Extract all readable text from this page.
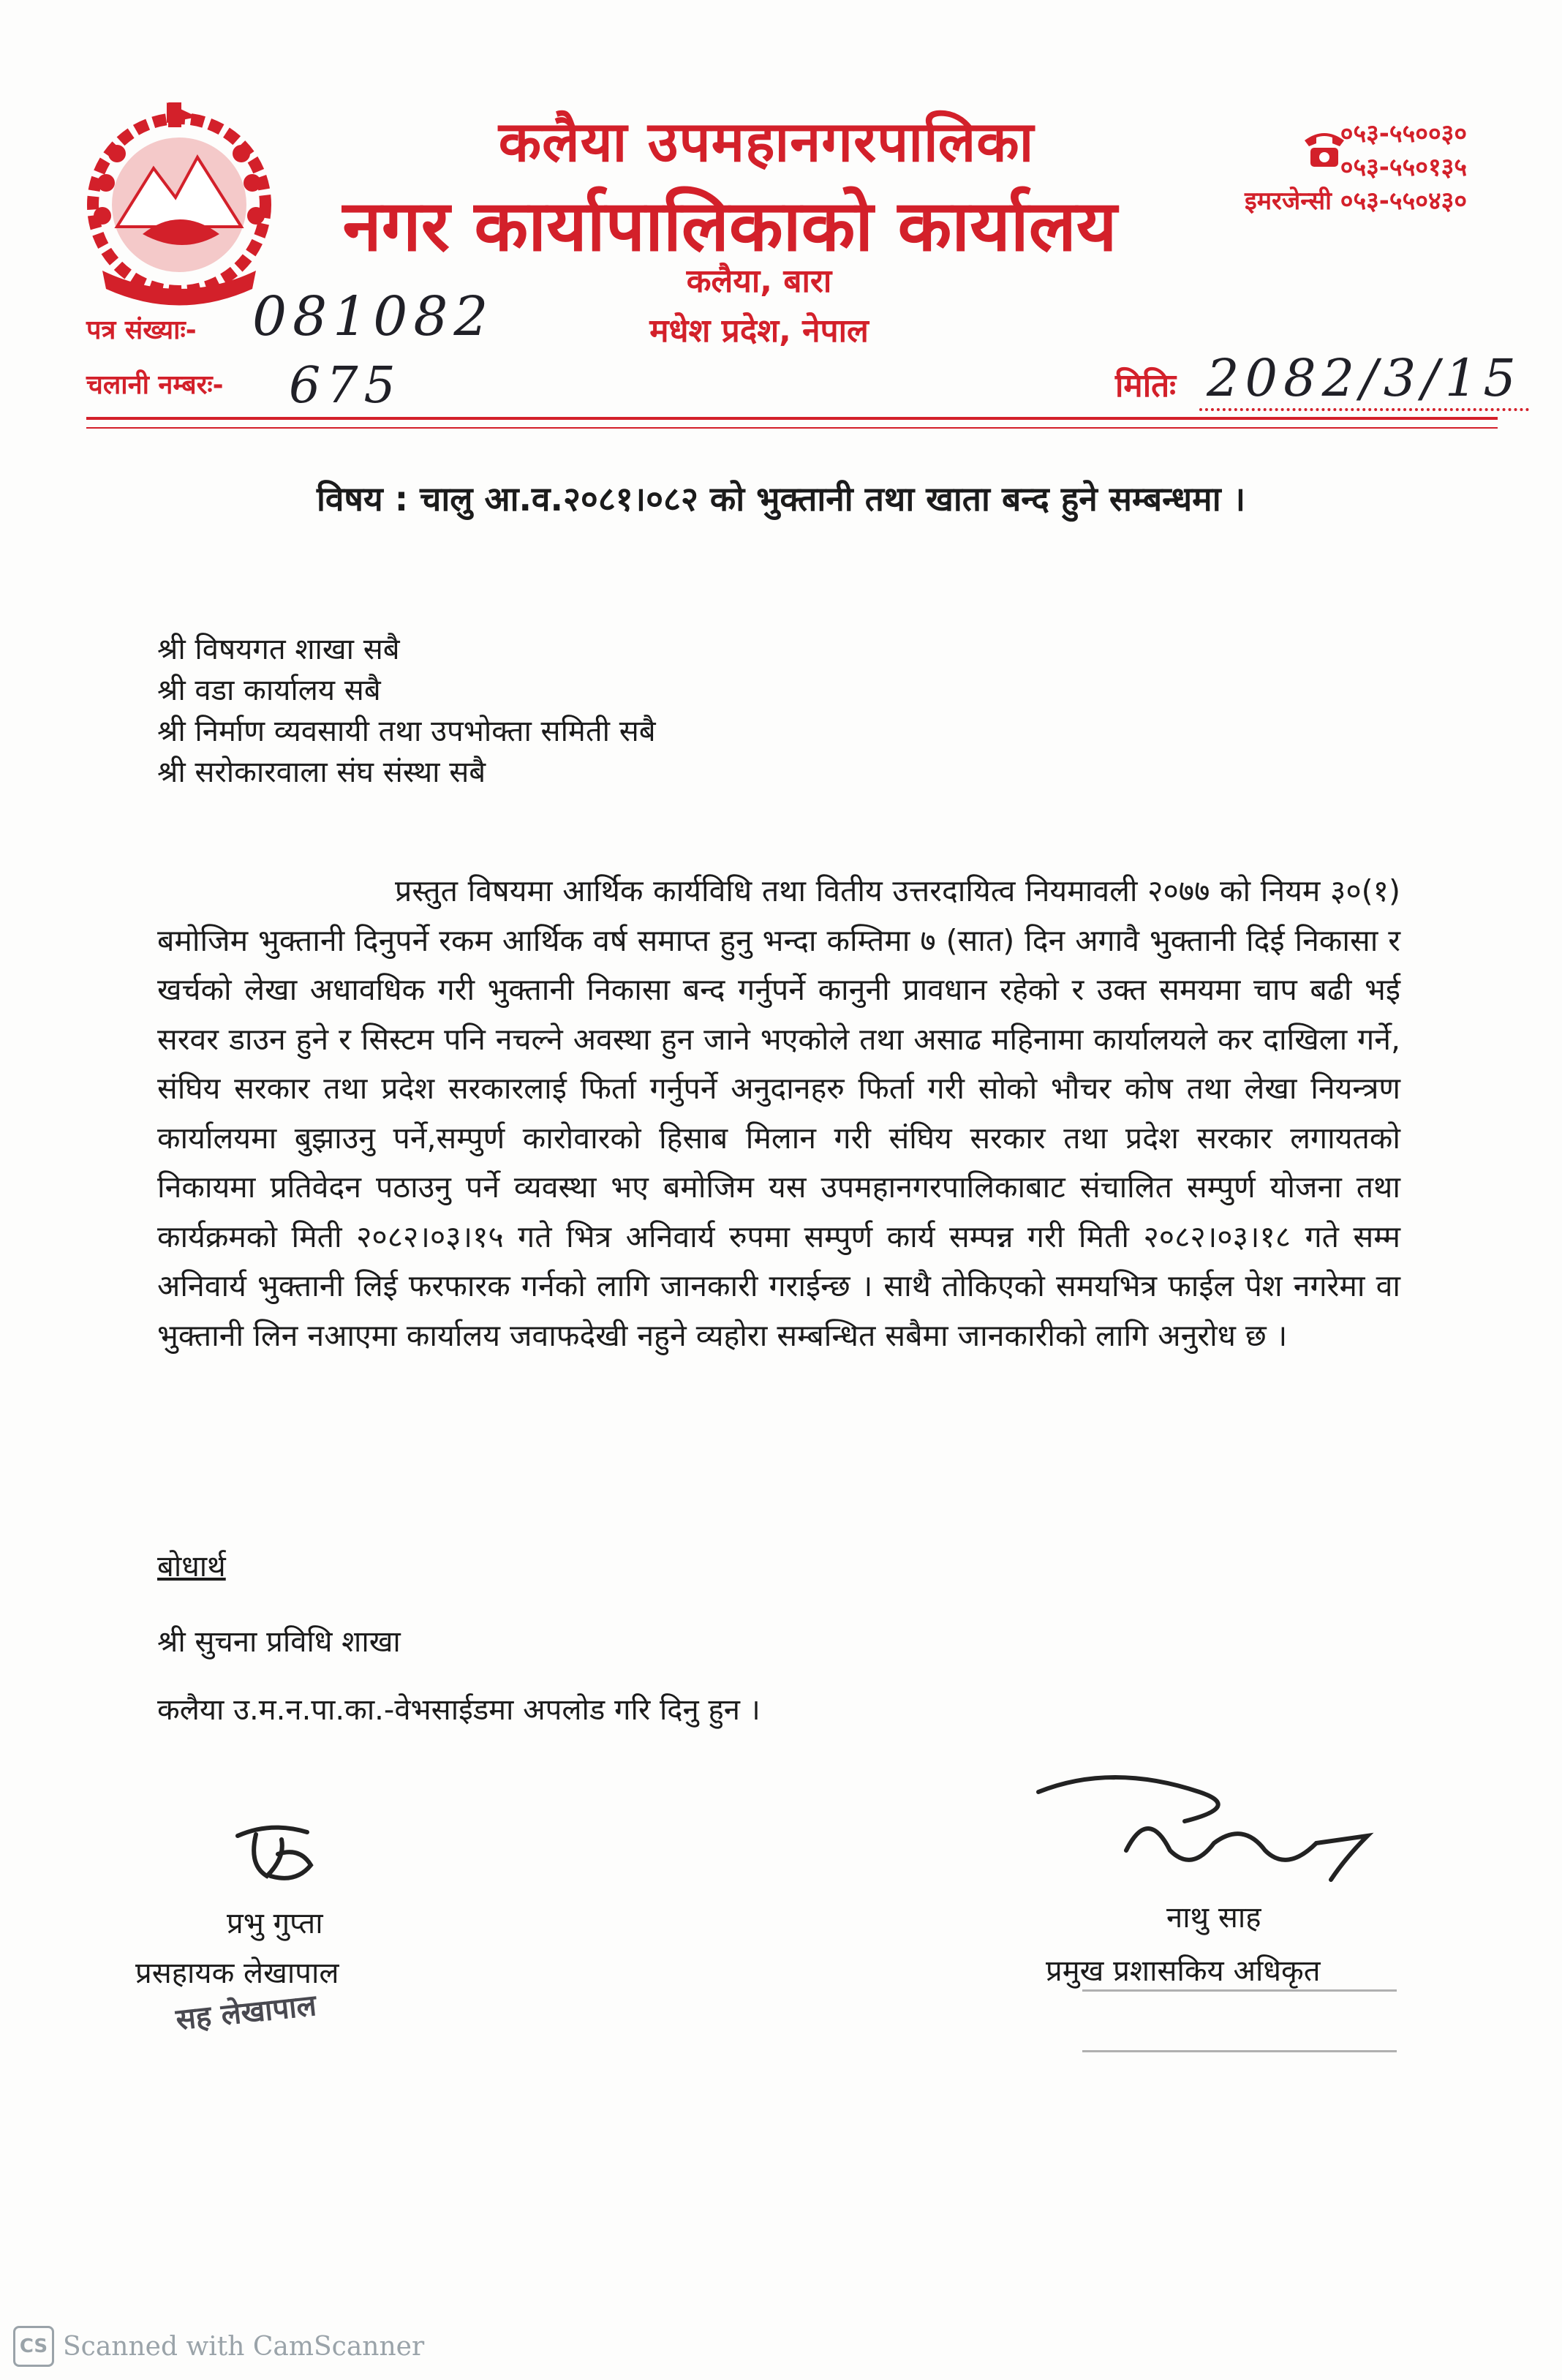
कलैया उपमहानगरपालिका
नगर कार्यापालिकाको कार्यालय
कलैया, बारा
मधेश प्रदेश, नेपाल
०५३-५५००३०
०५३-५५०१३५
इमरजेन्सी ०५३-५५०४३०
पत्र संख्याः- 081082
चलानी नम्बरः- 675	मितिः 2082/3/15
विषय : चालु आ.व.२०८१।०८२ को भुक्तानी तथा खाता बन्द हुने सम्बन्धमा ।
श्री विषयगत शाखा सबै
श्री वडा कार्यालय सबै
श्री निर्माण व्यवसायी तथा उपभोक्ता समिती सबै
श्री सरोकारवाला संघ संस्था सबै
प्रस्तुत विषयमा आर्थिक कार्यविधि तथा वितीय उत्तरदायित्व नियमावली २०७७ को नियम ३०(१) बमोजिम भुक्तानी दिनुपर्ने रकम आर्थिक वर्ष समाप्त हुनु भन्दा कम्तिमा ७ (सात) दिन अगावै भुक्तानी दिई निकासा र खर्चको लेखा अधावधिक गरी भुक्तानी निकासा बन्द गर्नुपर्ने कानुनी प्रावधान रहेको र उक्त समयमा चाप बढी भई सरवर डाउन हुने र सिस्टम पनि नचल्ने अवस्था हुन जाने भएकोले तथा असाढ महिनामा कार्यालयले कर दाखिला गर्ने, संघिय सरकार तथा प्रदेश सरकारलाई फिर्ता गर्नुपर्ने अनुदानहरु फिर्ता गरी सोको भौचर कोष तथा लेखा नियन्त्रण कार्यालयमा बुझाउनु पर्ने,सम्पुर्ण कारोवारको हिसाब मिलान गरी संघिय सरकार तथा प्रदेश सरकार लगायतको निकायमा प्रतिवेदन पठाउनु पर्ने व्यवस्था भए बमोजिम यस उपमहानगरपालिकाबाट संचालित सम्पुर्ण योजना तथा कार्यक्रमको मिती २०८२।०३।१५ गते भित्र अनिवार्य रुपमा सम्पुर्ण कार्य सम्पन्न गरी मिती २०८२।०३।१८ गते सम्म अनिवार्य भुक्तानी लिई फरफारक गर्नको लागि जानकारी गराईन्छ । साथै तोकिएको समयभित्र फाईल पेश नगरेमा वा भुक्तानी लिन नआएमा कार्यालय जवाफदेखी नहुने व्यहोरा सम्बन्धित सबैमा जानकारीको लागि अनुरोध छ ।
बोधार्थ
श्री सुचना प्रविधि शाखा
कलैया उ.म.न.पा.का.-वेभसाईडमा अपलोड गरि दिनु हुन ।
प्रभु गुप्ता
प्रसहायक लेखापाल
सह लेखापाल
नाथु साह
प्रमुख प्रशासकिय अधिकृत
CS Scanned with CamScanner
